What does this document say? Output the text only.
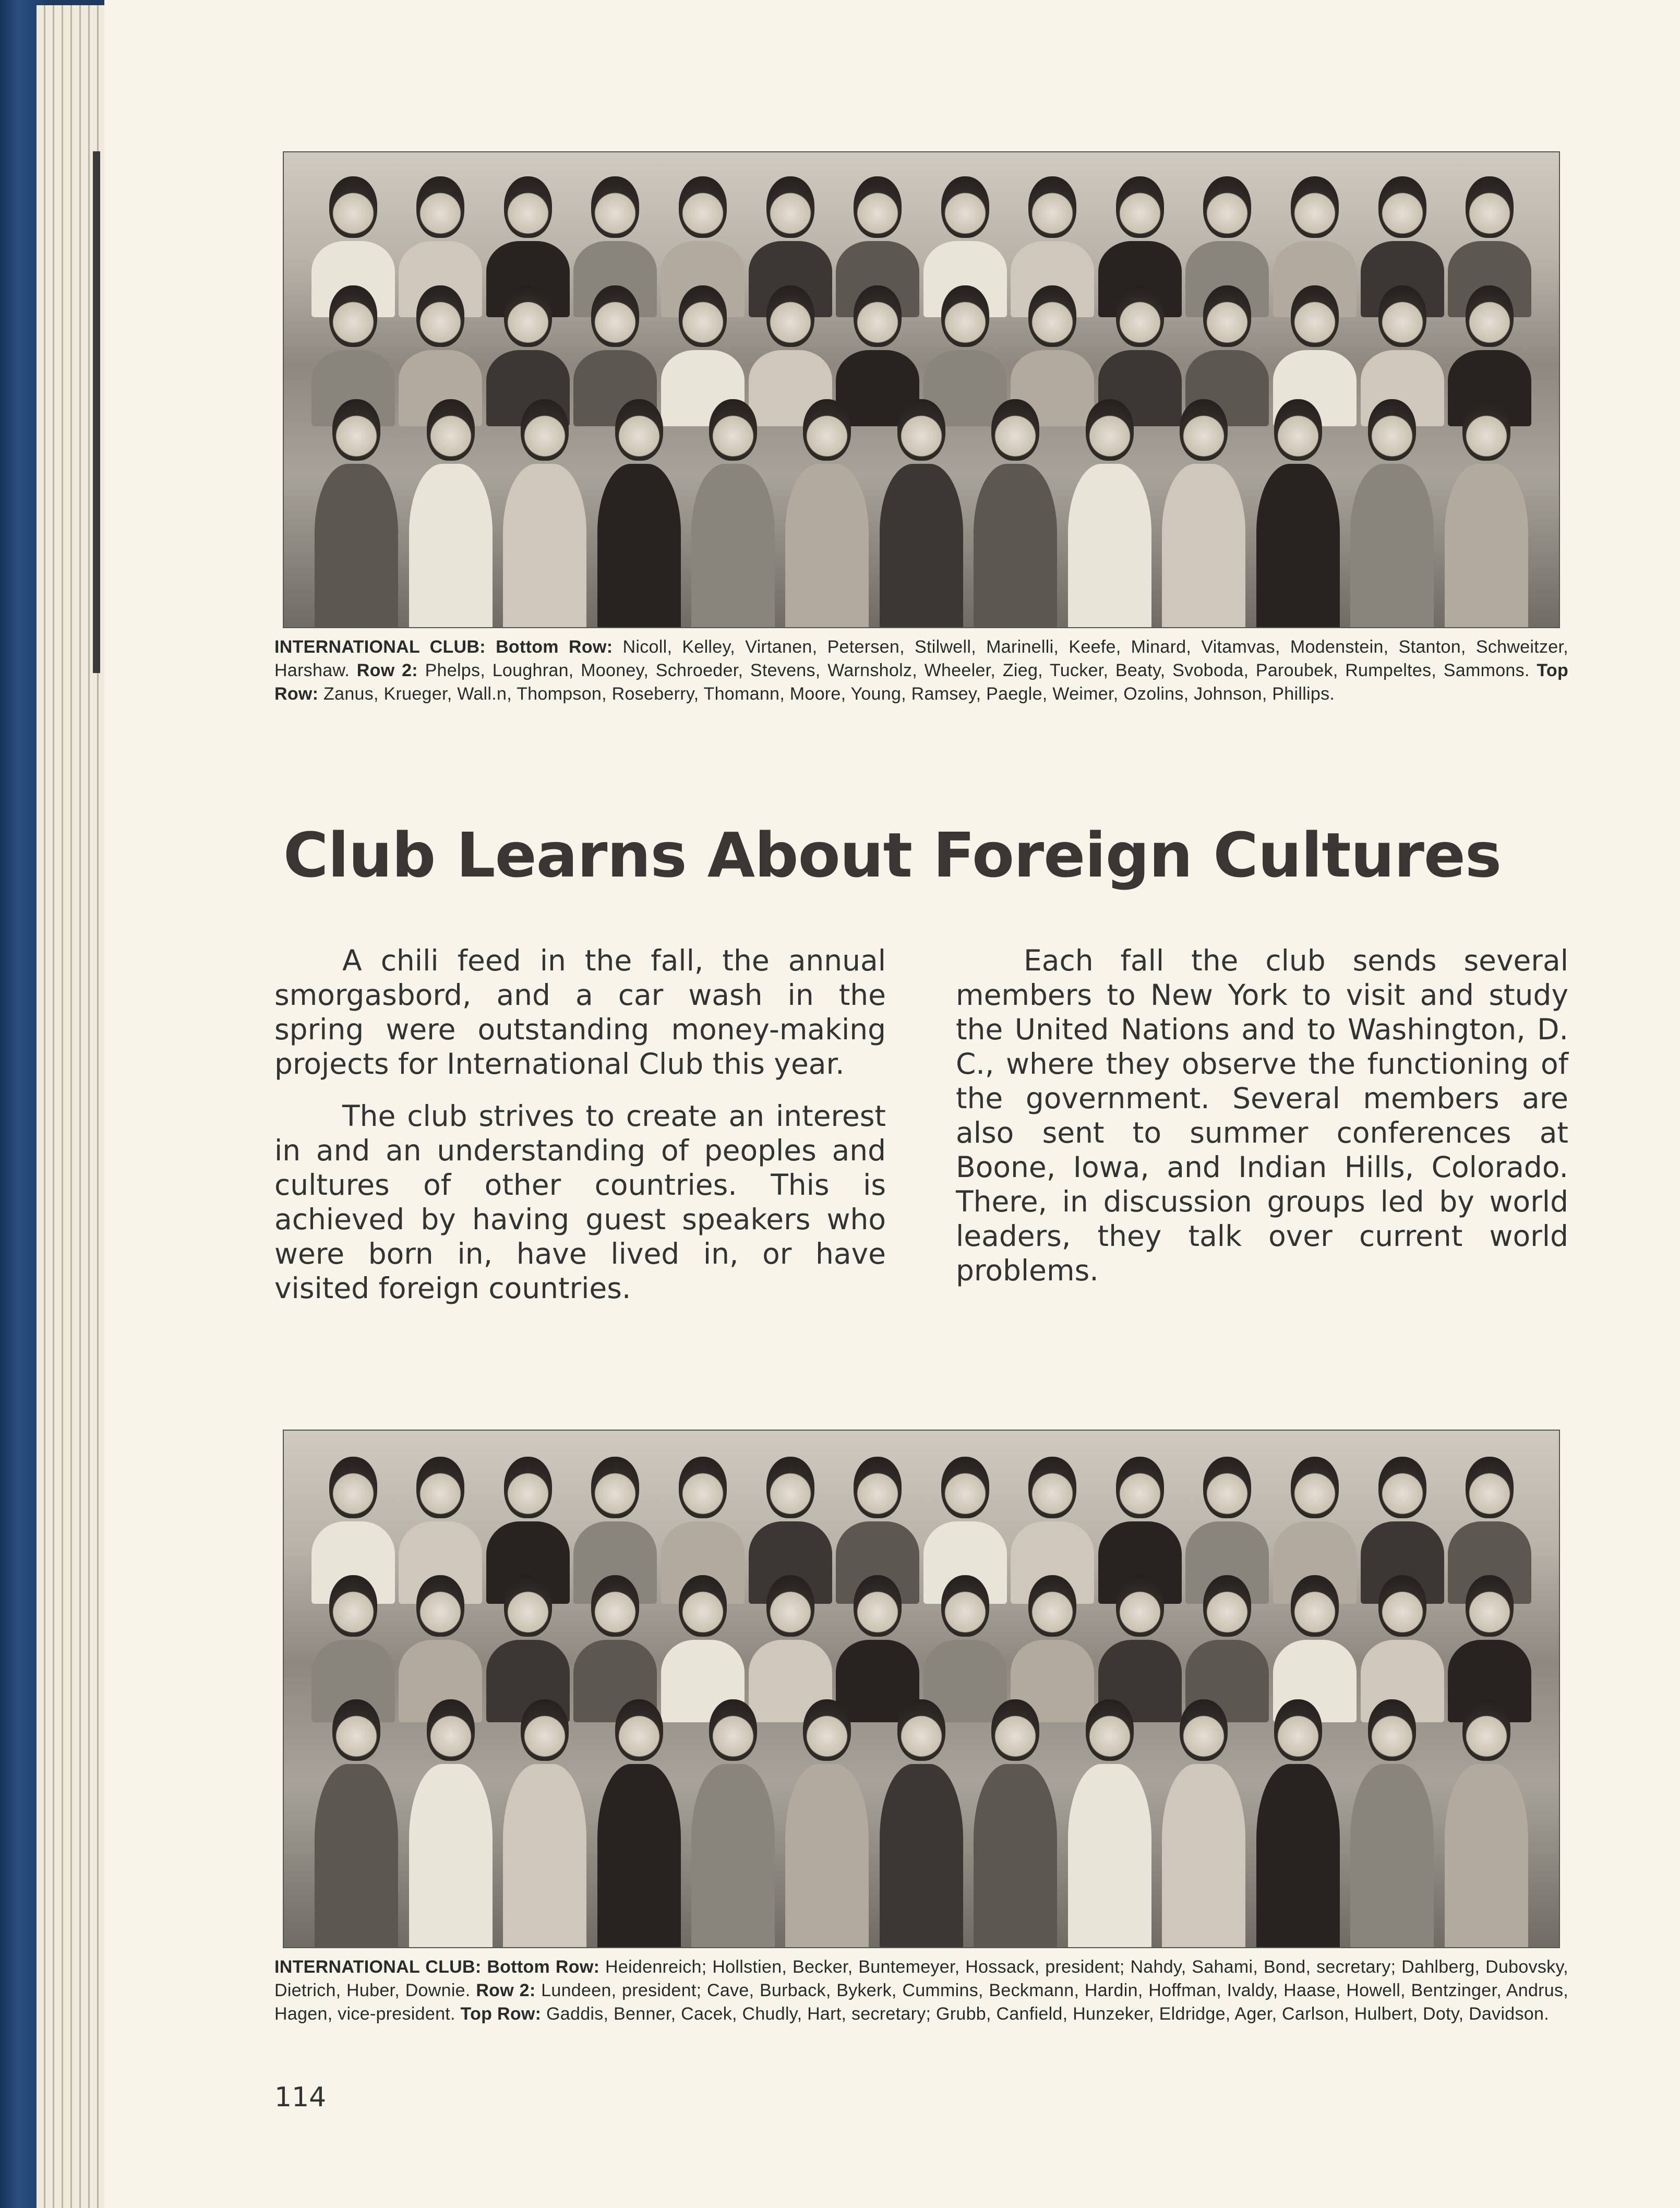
INTERNATIONAL CLUB: Bottom Row: Nicoll, Kelley, Virtanen, Petersen, Stilwell, Marinelli, Keefe, Minard, Vitamvas, Modenstein, Stanton, Schweitzer, Harshaw. Row 2: Phelps, Loughran, Mooney, Schroeder, Stevens, Warnsholz, Wheeler, Zieg, Tucker, Beaty, Svoboda, Paroubek, Rumpeltes, Sammons. Top Row: Zanus, Krueger, Wall.n, Thompson, Roseberry, Thomann, Moore, Young, Ramsey, Paegle, Weimer, Ozolins, Johnson, Phillips.
Club Learns About Foreign Cultures

A chili feed in the fall, the annual smorgasbord, and a car wash in the spring were outstanding money-making projects for International Club this year.

The club strives to create an interest in and an understanding of peoples and cultures of other countries. This is achieved by having guest speakers who were born in, have lived in, or have visited foreign countries.

Each fall the club sends several members to New York to visit and study the United Nations and to Washington, D. C., where they observe the functioning of the government. Several members are also sent to summer conferences at Boone, Iowa, and Indian Hills, Colorado. There, in discussion groups led by world leaders, they talk over current world problems.

INTERNATIONAL CLUB: Bottom Row: Heidenreich; Hollstien, Becker, Buntemeyer, Hossack, president; Nahdy, Sahami, Bond, secretary; Dahlberg, Dubovsky, Dietrich, Huber, Downie. Row 2: Lundeen, president; Cave, Burback, Bykerk, Cummins, Beckmann, Hardin, Hoffman, Ivaldy, Haase, Howell, Bentzinger, Andrus, Hagen, vice-president. Top Row: Gaddis, Benner, Cacek, Chudly, Hart, secretary; Grubb, Canfield, Hunzeker, Eldridge, Ager, Carlson, Hulbert, Doty, Davidson.
114
